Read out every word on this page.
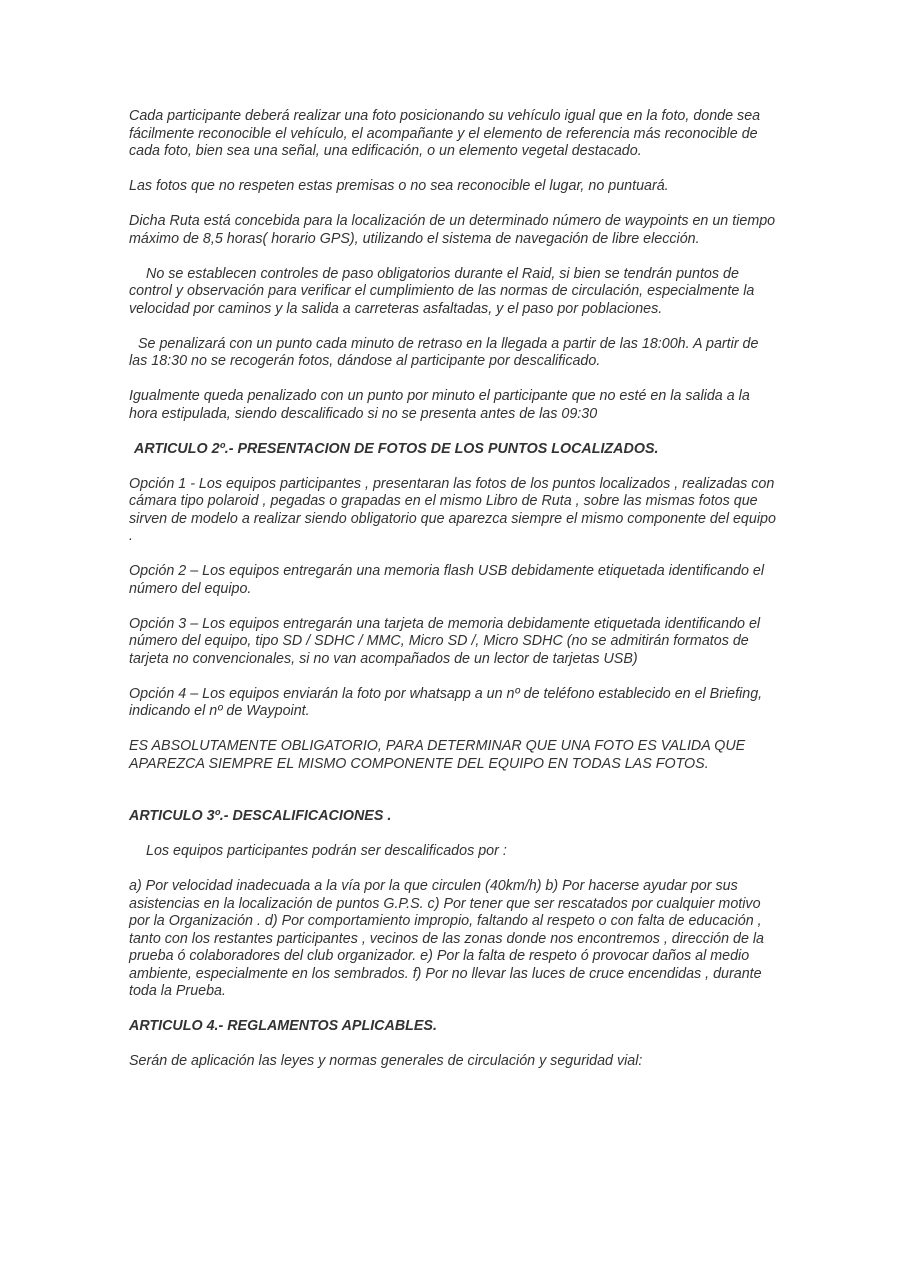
Cada participante deberá realizar una foto posicionando su vehículo igual que en la foto, donde sea fácilmente reconocible el vehículo, el acompañante y el elemento de referencia más reconocible de cada foto, bien sea una señal, una edificación, o un elemento vegetal destacado.

Las fotos que no respeten estas premisas o no sea reconocible el lugar, no puntuará.

Dicha Ruta está concebida para la localización de un determinado número de waypoints en un tiempo máximo de 8,5 horas( horario GPS), utilizando el sistema de navegación de libre elección.

No se establecen controles de paso obligatorios durante el Raid, si bien se tendrán puntos de control y observación para verificar el cumplimiento de las normas de circulación, especialmente la velocidad por caminos y la salida a carreteras asfaltadas, y el paso por poblaciones.

Se penalizará con un punto cada minuto de retraso en la llegada a partir de las 18:00h. A partir de las 18:30 no se recogerán fotos, dándose al participante por descalificado.

Igualmente queda penalizado con un punto por minuto el participante que no esté en la salida a la hora estipulada, siendo descalificado si no se presenta antes de las 09:30

ARTICULO 2º.- PRESENTACION DE FOTOS DE LOS PUNTOS LOCALIZADOS.

Opción 1 - Los equipos participantes , presentaran las fotos de los puntos localizados , realizadas con cámara tipo polaroid , pegadas o grapadas en el mismo Libro de Ruta , sobre las mismas fotos que sirven de modelo a realizar siendo obligatorio que aparezca siempre el mismo componente del equipo .

Opción 2 – Los equipos entregarán una memoria flash USB debidamente etiquetada identificando el número del equipo.

Opción 3 – Los equipos entregarán una tarjeta de memoria debidamente etiquetada identificando el número del equipo, tipo SD / SDHC / MMC, Micro SD /, Micro SDHC (no se admitirán formatos de tarjeta no convencionales, si no van acompañados de un lector de tarjetas USB)

Opción 4 – Los equipos enviarán la foto por whatsapp a un nº de teléfono establecido en el Briefing, indicando el nº de Waypoint.

ES ABSOLUTAMENTE OBLIGATORIO, PARA DETERMINAR QUE UNA FOTO ES VALIDA QUE APAREZCA SIEMPRE EL MISMO COMPONENTE DEL EQUIPO EN TODAS LAS FOTOS.

ARTICULO 3º.- DESCALIFICACIONES .

Los equipos participantes podrán ser descalificados por :

a) Por velocidad inadecuada a la vía por la que circulen (40km/h) b) Por hacerse ayudar por sus asistencias en la localización de puntos G.P.S. c) Por tener que ser rescatados por cualquier motivo por la Organización . d) Por comportamiento impropio, faltando al respeto o con falta de educación , tanto con los restantes participantes , vecinos de las zonas donde nos encontremos , dirección de la prueba ó colaboradores del club organizador. e) Por la falta de respeto ó provocar daños al medio ambiente, especialmente en los sembrados. f) Por no llevar las luces de cruce encendidas , durante toda la Prueba.

ARTICULO 4.- REGLAMENTOS APLICABLES.

Serán de aplicación las leyes y normas generales de circulación y seguridad vial:
